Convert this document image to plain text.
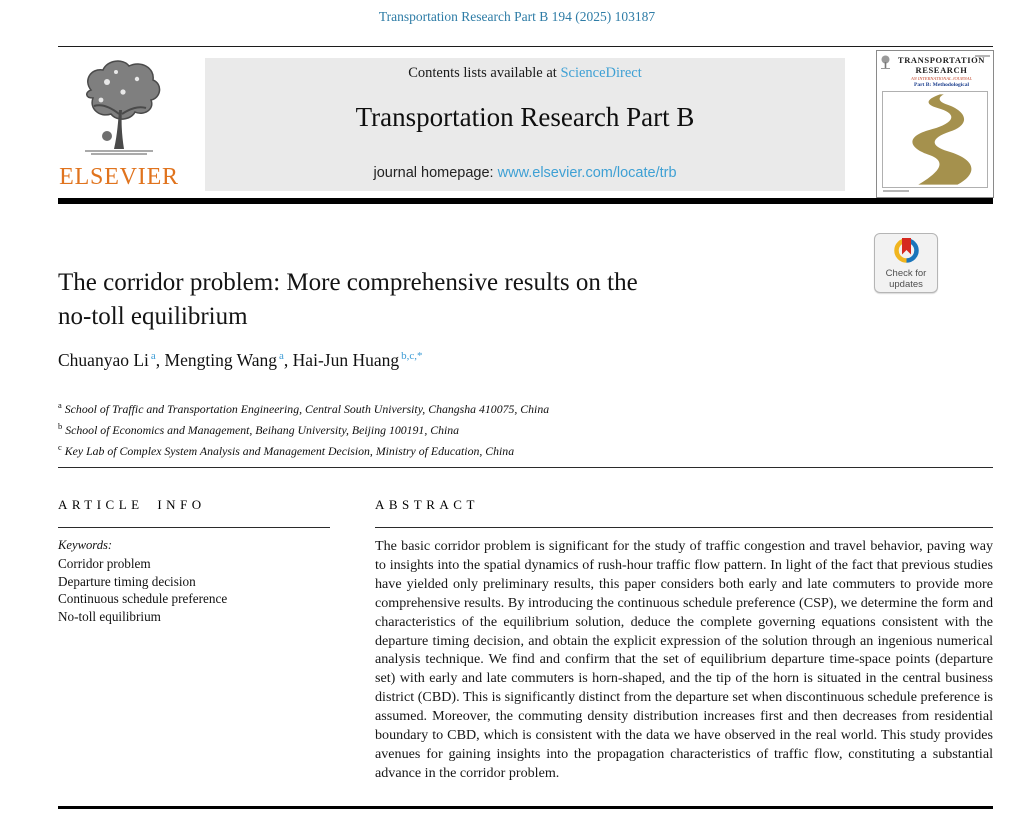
Transportation Research Part B 194 (2025) 103187
ELSEVIER
Contents lists available at ScienceDirect
Transportation Research Part B
journal homepage: www.elsevier.com/locate/trb
TRANSPORTATION
RESEARCH
AN INTERNATIONAL JOURNAL
Part B: Methodological
Check for
updates
The corridor problem: More comprehensive results on the
no-toll equilibrium
Chuanyao Li $^a$, Mengting Wang $^a$, Hai-Jun Huang $^{b,c,*}$
$^a$ School of Traffic and Transportation Engineering, Central South University, Changsha 410075, China
$^b$ School of Economics and Management, Beihang University, Beijing 100191, China
$^c$ Key Lab of Complex System Analysis and Management Decision, Ministry of Education, China
ARTICLE INFO	ABSTRACT
Keywords:
Corridor problem
Departure timing decision
Continuous schedule preference
No-toll equilibrium
The basic corridor problem is significant for the study of traffic congestion and travel behavior, paving way to insights into the spatial dynamics of rush-hour traffic flow pattern. In light of the fact that previous studies have yielded only preliminary results, this paper considers both early and late commuters to provide more comprehensive results. By introducing the continuous schedule preference (CSP), we determine the form and characteristics of the equilibrium solution, deduce the complete governing equations consistent with the departure timing decision, and obtain the explicit expression of the solution through an ingenious numerical analysis technique. We find and confirm that the set of equilibrium departure time-space points (departure set) with early and late commuters is horn-shaped, and the tip of the horn is situated in the central business district (CBD). This is significantly distinct from the departure set when discontinuous schedule preference is assumed. Moreover, the commuting density distribution increases first and then decreases from residential boundary to CBD, which is consistent with the data we have observed in the real world. This study provides avenues for gaining insights into the propagation characteristics of traffic flow, constituting a substantial advance in the corridor problem.
